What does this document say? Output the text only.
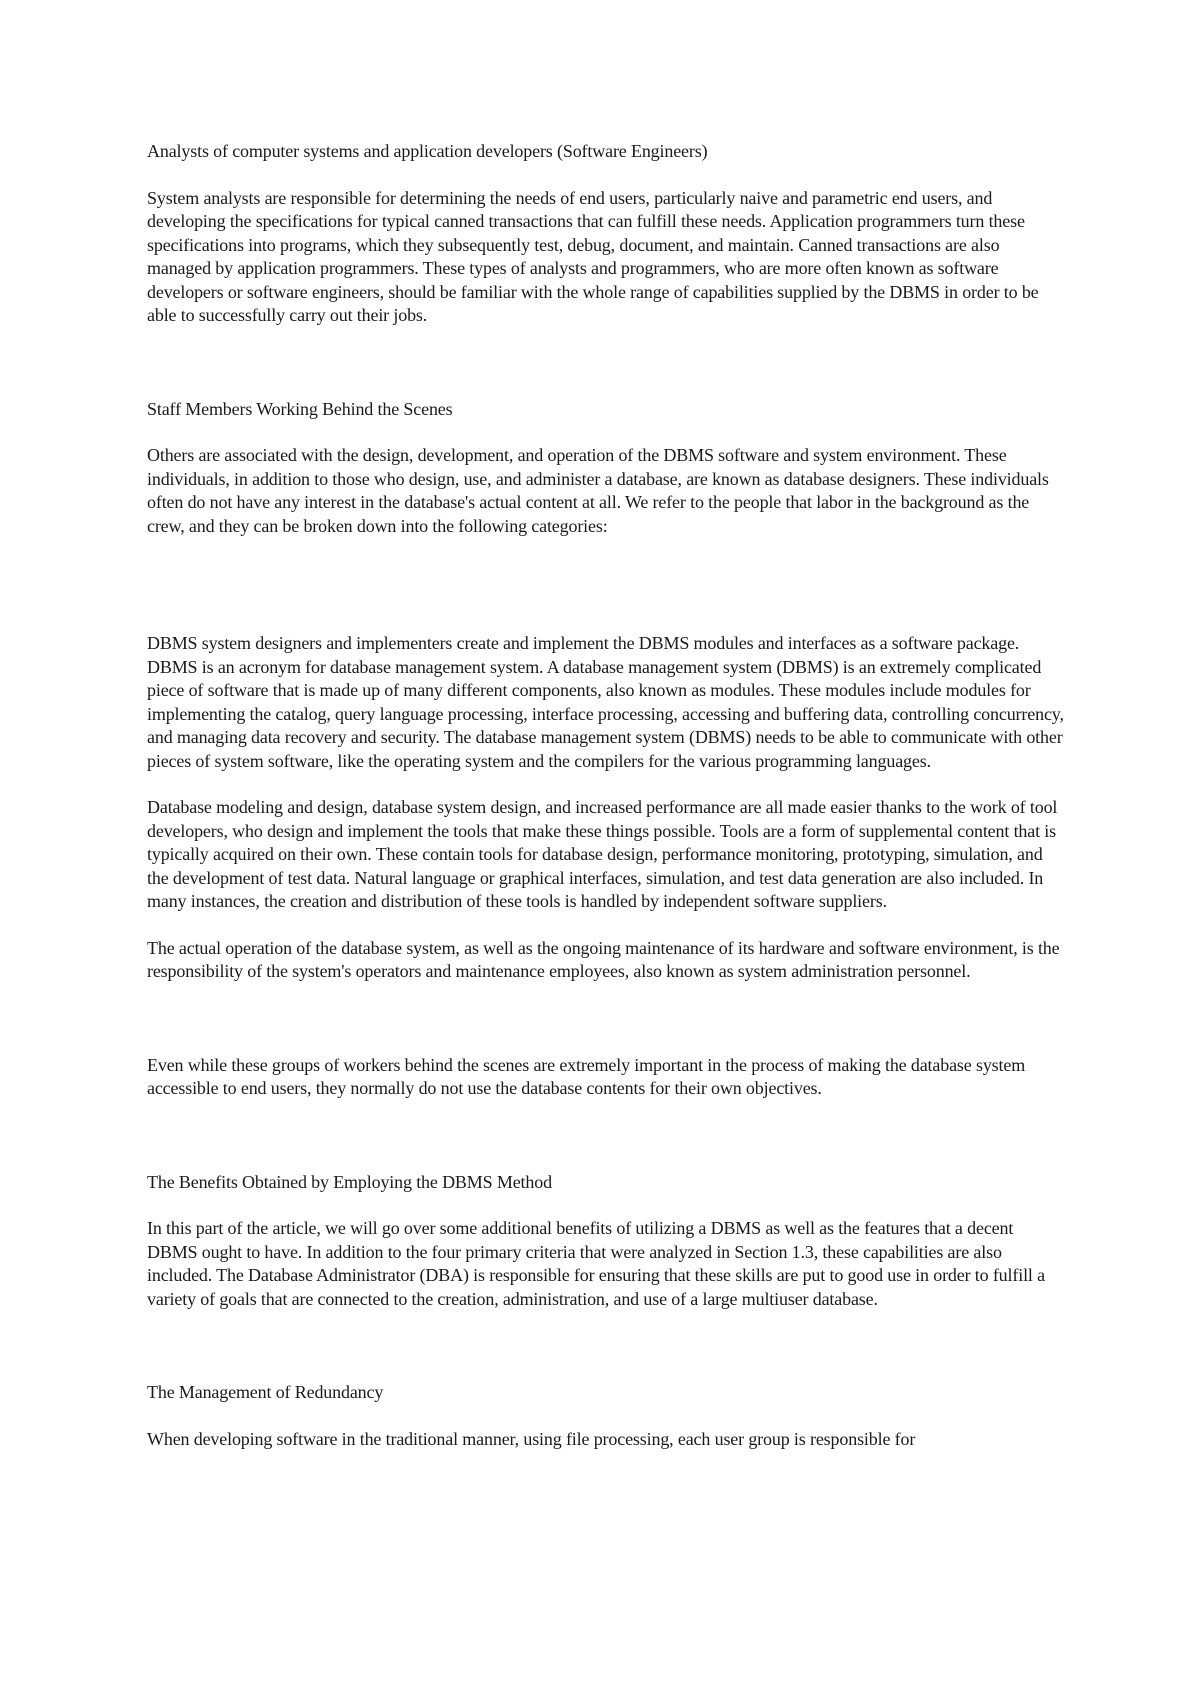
Analysts of computer systems and application developers (Software Engineers)

System analysts are responsible for determining the needs of end users, particularly naive and parametric end users, and developing the specifications for typical canned transactions that can fulfill these needs. Application programmers turn these specifications into programs, which they subsequently test, debug, document, and maintain. Canned transactions are also managed by application programmers. These types of analysts and programmers, who are more often known as software developers or software engineers, should be familiar with the whole range of capabilities supplied by the DBMS in order to be able to successfully carry out their jobs.

Staff Members Working Behind the Scenes

Others are associated with the design, development, and operation of the DBMS software and system environment. These individuals, in addition to those who design, use, and administer a database, are known as database designers. These individuals often do not have any interest in the database's actual content at all. We refer to the people that labor in the background as the crew, and they can be broken down into the following categories:

DBMS system designers and implementers create and implement the DBMS modules and interfaces as a software package. DBMS is an acronym for database management system. A database management system (DBMS) is an extremely complicated piece of software that is made up of many different components, also known as modules. These modules include modules for implementing the catalog, query language processing, interface processing, accessing and buffering data, controlling concurrency, and managing data recovery and security. The database management system (DBMS) needs to be able to communicate with other pieces of system software, like the operating system and the compilers for the various programming languages.

Database modeling and design, database system design, and increased performance are all made easier thanks to the work of tool developers, who design and implement the tools that make these things possible. Tools are a form of supplemental content that is typically acquired on their own. These contain tools for database design, performance monitoring, prototyping, simulation, and the development of test data. Natural language or graphical interfaces, simulation, and test data generation are also included. In many instances, the creation and distribution of these tools is handled by independent software suppliers.

The actual operation of the database system, as well as the ongoing maintenance of its hardware and software environment, is the responsibility of the system's operators and maintenance employees, also known as system administration personnel.

Even while these groups of workers behind the scenes are extremely important in the process of making the database system accessible to end users, they normally do not use the database contents for their own objectives.

The Benefits Obtained by Employing the DBMS Method

In this part of the article, we will go over some additional benefits of utilizing a DBMS as well as the features that a decent DBMS ought to have. In addition to the four primary criteria that were analyzed in Section 1.3, these capabilities are also included. The Database Administrator (DBA) is responsible for ensuring that these skills are put to good use in order to fulfill a variety of goals that are connected to the creation, administration, and use of a large multiuser database.

The Management of Redundancy

When developing software in the traditional manner, using file processing, each user group is responsible for
